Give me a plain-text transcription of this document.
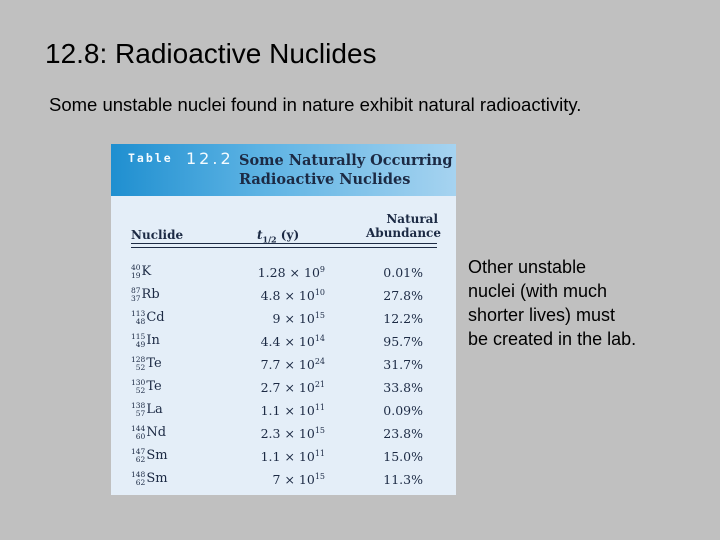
12.8: Radioactive Nuclides
Some unstable nuclei found in nature exhibit natural radioactivity.
Table 12.2 Some Naturally Occurring
Radioactive Nuclides
Nuclide	$t_{1/2}$ (y)
Natural
Abundance
40
19 K	$1.28 \times 10^9$	0.01%
87
37 Rb	$4.8 \times 10^{10}$	27.8%
113
48 Cd	$9 \times 10^{15}$	12.2%
115
49 In	$4.4 \times 10^{14}$	95.7%
128
52 Te	$7.7 \times 10^{24}$	31.7%
130
52 Te	$2.7 \times 10^{21}$	33.8%
138
57 La	$1.1 \times 10^{11}$	0.09%
144
60 Nd	$2.3 \times 10^{15}$	23.8%
147
62 Sm	$1.1 \times 10^{11}$	15.0%
148
62 Sm	$7 \times 10^{15}$	11.3%
Other unstable nuclei (with much shorter lives) must be created in the lab.
